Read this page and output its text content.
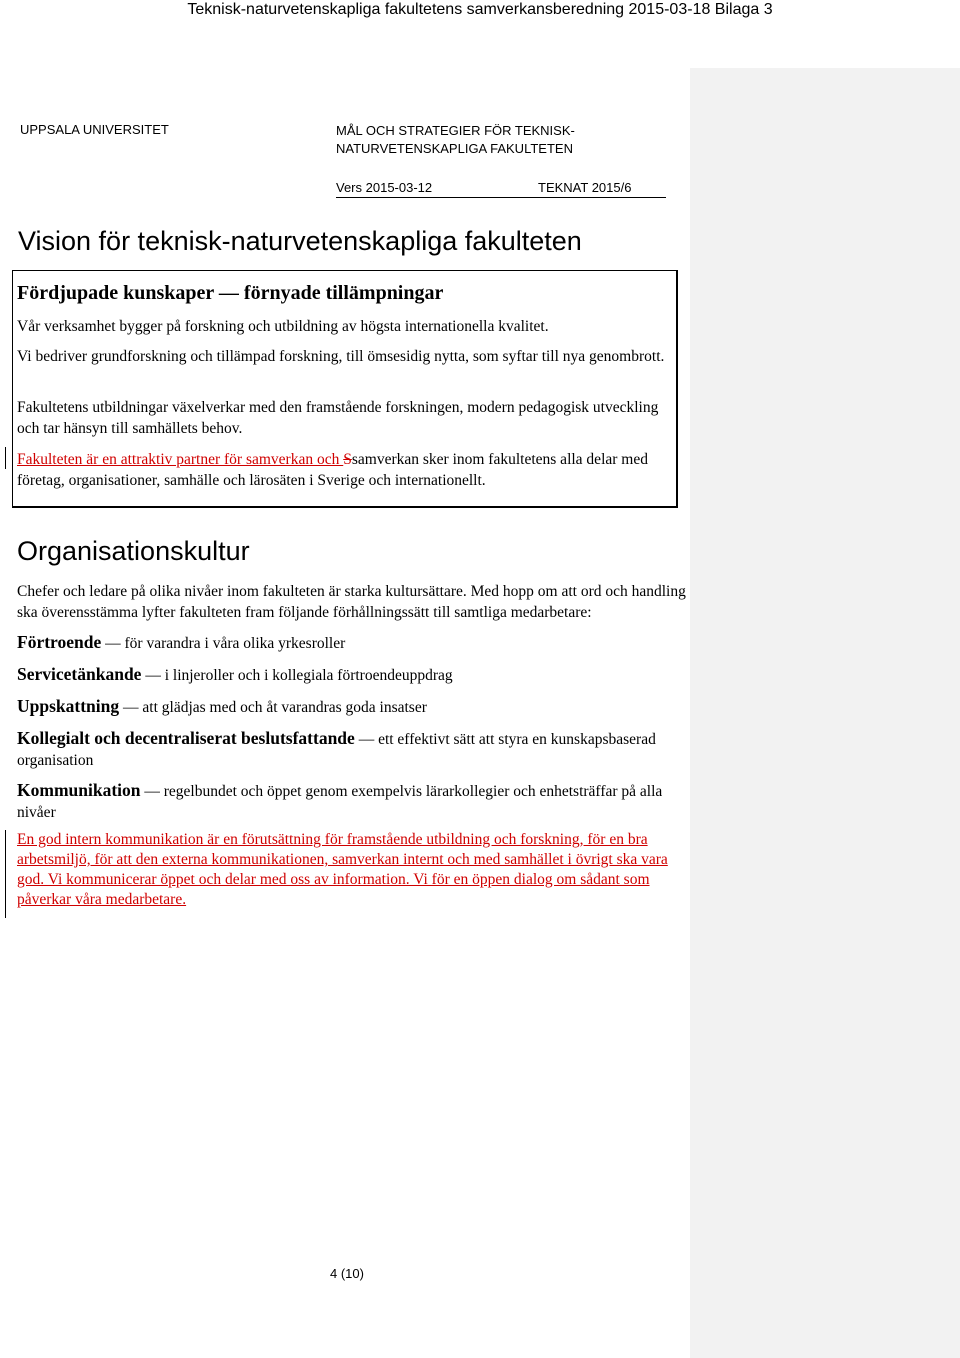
Teknisk-naturvetenskapliga fakultetens samverkansberedning 2015-03-18 Bilaga 3
UPPSALA UNIVERSITET	MÅL OCH STRATEGIER FÖR TEKNISK-
NATURVETENSKAPLIGA FAKULTETEN
Vers 2015-03-12	TEKNAT 2015/6
Vision för teknisk-naturvetenskapliga fakulteten
Fördjupade kunskaper — förnyade tillämpningar
Vår verksamhet bygger på forskning och utbildning av högsta internationella kvalitet.
Vi bedriver grundforskning och tillämpad forskning, till ömsesidig nytta, som syftar till nya genombrott.
Fakultetens utbildningar växelverkar med den framstående forskningen, modern pedagogisk utveckling och tar hänsyn till samhällets behov.
Fakulteten är en attraktiv partner för samverkan och Ssamverkan sker inom fakultetens alla delar med företag, organisationer, samhälle och lärosäten i Sverige och internationellt.
Organisationskultur
Chefer och ledare på olika nivåer inom fakulteten är starka kultursättare. Med hopp om att ord och handling ska överensstämma lyfter fakulteten fram följande förhållningssätt till samtliga medarbetare:
Förtroende — för varandra i våra olika yrkesroller
Servicetänkande — i linjeroller och i kollegiala förtroendeuppdrag
Uppskattning — att glädjas med och åt varandras goda insatser
Kollegialt och decentraliserat beslutsfattande — ett effektivt sätt att styra en kunskapsbaserad organisation
Kommunikation — regelbundet och öppet genom exempelvis lärarkollegier och enhetsträffar på alla nivåer
En god intern kommunikation är en förutsättning för framstående utbildning och forskning, för en bra arbetsmiljö, för att den externa kommunikationen, samverkan internt och med samhället i övrigt ska vara god. Vi kommunicerar öppet och delar med oss av information. Vi för en öppen dialog om sådant som påverkar våra medarbetare.
4 (10)
